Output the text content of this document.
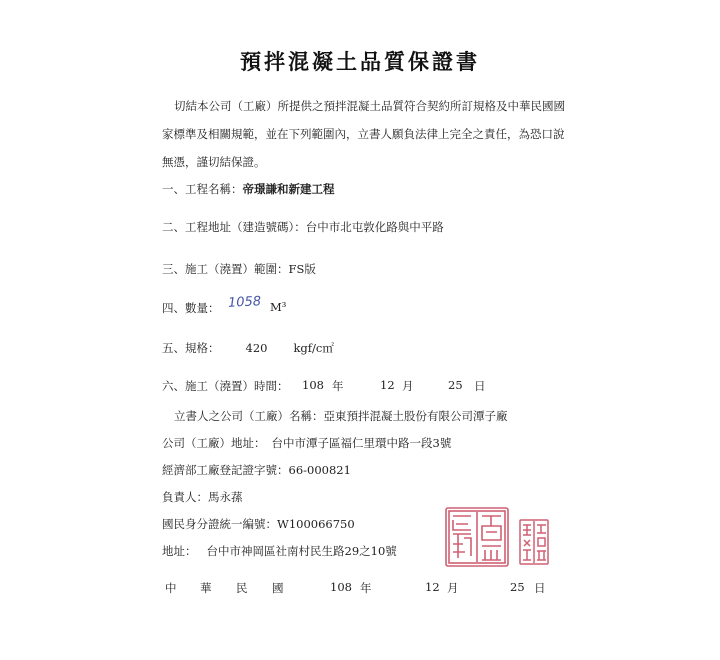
預拌混凝土品質保證書
切結本公司（工廠）所提供之預拌混凝土品質符合契約所訂規格及中華民國國家標準及相關規範，並在下列範圍內，立書人願負法律上完全之責任，為恐口說無憑，謹切結保證。
一、工程名稱：帝璟謙和新建工程
二、工程地址（建造號碼）：台中市北屯敦化路與中平路
三、施工（澆置）範圍：FS版
四、數量： 1058 M³
五、規格： 420 kgf/c㎡
六、施工（澆置）時間： 108 年	12 月	25 日
立書人之公司（工廠）名稱：亞東預拌混凝土股份有限公司潭子廠
公司（工廠）地址： 台中市潭子區福仁里環中路一段3號
經濟部工廠登記證字號：66-000821
負責人：馬永蓀
國民身分證統一編號：W100066750
地址： 台中市神岡區社南村民生路29之10號
中 華 民 國	108 年	12 月	25 日
